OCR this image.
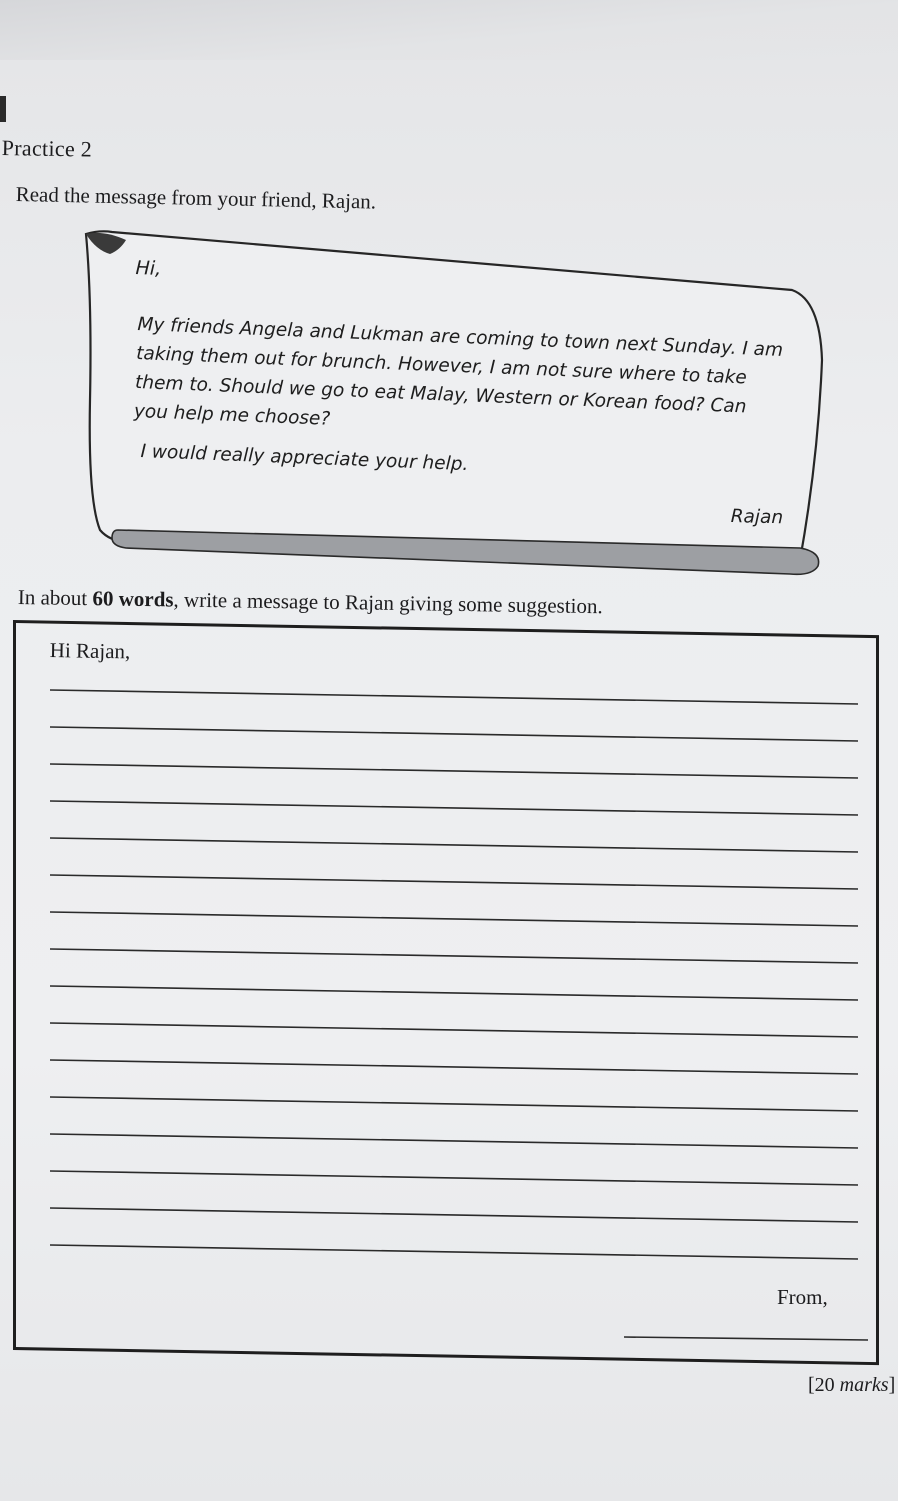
Practice 2
Read the message from your friend, Rajan.
Hi,
My friends Angela and Lukman are coming to town next Sunday. I am taking them out for brunch. However, I am not sure where to take them to. Should we go to eat Malay, Western or Korean food? Can you help me choose?
I would really appreciate your help.
Rajan
In about 60 words, write a message to Rajan giving some suggestion.
Hi Rajan,
From,
[20 marks]
